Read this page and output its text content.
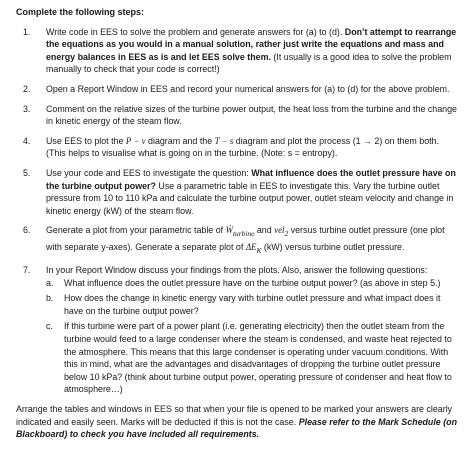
Complete the following steps:
1. Write code in EES to solve the problem and generate answers for (a) to (d). Don’t attempt to rearrange the equations as you would in a manual solution, rather just write the equations and mass and energy balances in EES as is and let EES solve them. (It usually is a good idea to solve the problem manually to check that your code is correct!)
2. Open a Report Window in EES and record your numerical answers for (a) to (d) for the above problem.
3. Comment on the relative sizes of the turbine power output, the heat loss from the turbine and the change in kinetic energy of the steam flow.
4. Use EES to plot the P − v diagram and the T − s diagram and plot the process (1 → 2) on them both. (This helps to visualise what is going on in the turbine. (Note: s = entropy).
5. Use your code and EES to investigate the question: What influence does the outlet pressure have on the turbine output power? Use a parametric table in EES to investigate this. Vary the turbine outlet pressure from 10 to 110 kPa and calculate the turbine output power, outlet steam velocity and change in kinetic energy (kW) of the steam flow.
6. Generate a plot from your parametric table of Ẇ$_{turbine}$ and vel$_2$ versus turbine outlet pressure (one plot with separate y-axes). Generate a separate plot of $\Delta E_K$ (kW) versus turbine outlet pressure.
7. In your Report Window discuss your findings from the plots. Also, answer the following questions:
a. What influence does the outlet pressure have on the turbine output power? (as above in step 5.)
b. How does the change in kinetic energy vary with turbine outlet pressure and what impact does it have on the turbine output power?
c. If this turbine were part of a power plant (i.e. generating electricity) then the outlet steam from the turbine would feed to a large condenser where the steam is condensed, and waste heat rejected to the atmosphere. This means that this large condenser is operating under vacuum conditions. With this in mind, what are the advantages and disadvantages of dropping the turbine outlet pressure below 10 kPa? (think about turbine output power, operating pressure of condenser and heat flow to atmosphere…)
Arrange the tables and windows in EES so that when your file is opened to be marked your answers are clearly indicated and easily seen. Marks will be deducted if this is not the case. Please refer to the Mark Schedule (on Blackboard) to check you have included all requirements.
